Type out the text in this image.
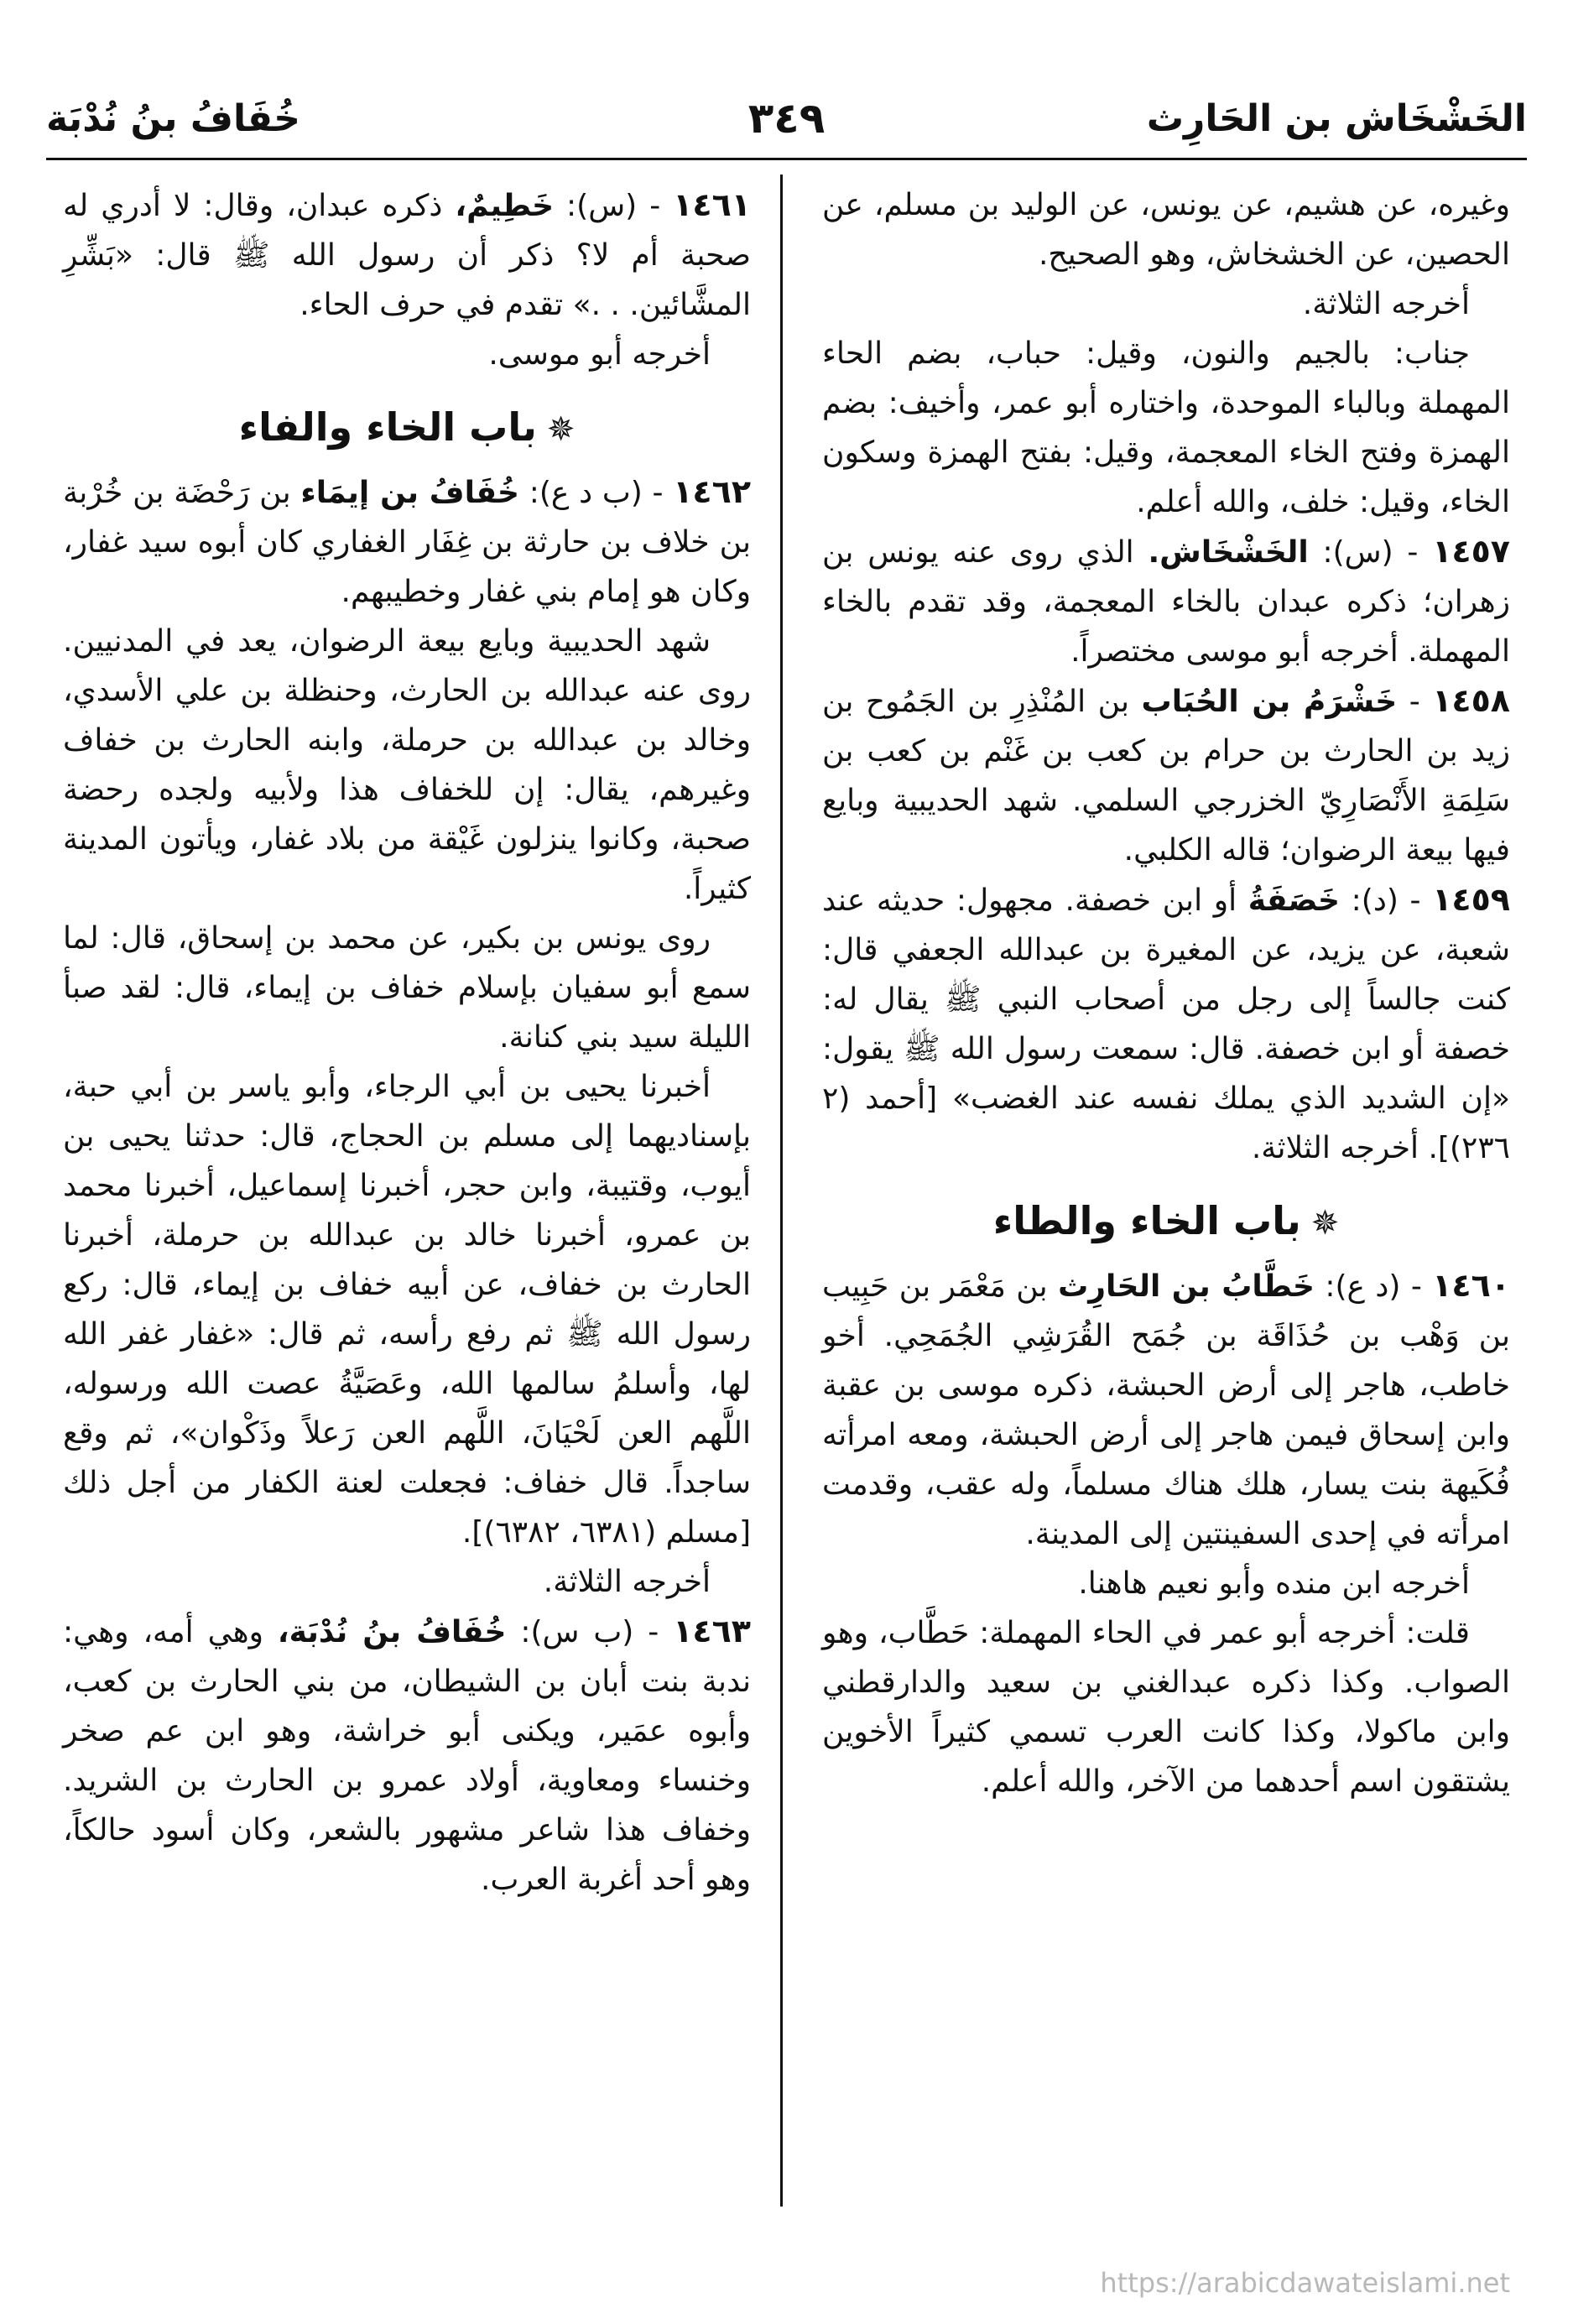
الخَشْخَاش بن الحَارِث
٣٤٩
خُفَافُ بنُ نُدْبَة

وغيره، عن هشيم، عن يونس، عن الوليد بن مسلم، عن الحصين، عن الخشخاش، وهو الصحيح.

أخرجه الثلاثة.

جناب: بالجيم والنون، وقيل: حباب، بضم الحاء المهملة وبالباء الموحدة، واختاره أبو عمر، وأخيف: بضم الهمزة وفتح الخاء المعجمة، وقيل: بفتح الهمزة وسكون الخاء، وقيل: خلف، والله أعلم.

١٤٥٧ - (س): الخَشْخَاش. الذي روى عنه يونس بن زهران؛ ذكره عبدان بالخاء المعجمة، وقد تقدم بالخاء المهملة. أخرجه أبو موسى مختصراً.

١٤٥٨ - خَشْرَمُ بن الحُبَاب بن المُنْذِرِ بن الجَمُوح بن زيد بن الحارث بن حرام بن كعب بن غَنْم بن كعب بن سَلِمَةِ الأَنْصَارِيّ الخزرجي السلمي. شهد الحديبية وبايع فيها بيعة الرضوان؛ قاله الكلبي.

١٤٥٩ - (د): خَصَفَةُ أو ابن خصفة. مجهول: حديثه عند شعبة، عن يزيد، عن المغيرة بن عبدالله الجعفي قال: كنت جالساً إلى رجل من أصحاب النبي ﷺ يقال له: خصفة أو ابن خصفة. قال: سمعت رسول الله ﷺ يقول: «إن الشديد الذي يملك نفسه عند الغضب» [أحمد (٢ ٢٣٦)]. أخرجه الثلاثة.

✵باب الخاء والطاء

١٤٦٠ - (د ع): خَطَّابُ بن الحَارِث بن مَعْمَر بن حَبِيب بن وَهْب بن حُذَاقَة بن جُمَح القُرَشِي الجُمَحِي. أخو خاطب، هاجر إلى أرض الحبشة، ذكره موسى بن عقبة وابن إسحاق فيمن هاجر إلى أرض الحبشة، ومعه امرأته فُكَيهة بنت يسار، هلك هناك مسلماً، وله عقب، وقدمت امرأته في إحدى السفينتين إلى المدينة.

أخرجه ابن منده وأبو نعيم هاهنا.

قلت: أخرجه أبو عمر في الحاء المهملة: حَطَّاب، وهو الصواب. وكذا ذكره عبدالغني بن سعيد والدارقطني وابن ماكولا، وكذا كانت العرب تسمي كثيراً الأخوين يشتقون اسم أحدهما من الآخر، والله أعلم.

١٤٦١ - (س): خَطِيمٌ، ذكره عبدان، وقال: لا أدري له صحبة أم لا؟ ذكر أن رسول الله ﷺ قال: «بَشِّرِ المشَّائين. . .» تقدم في حرف الحاء.

أخرجه أبو موسى.

✵باب الخاء والفاء

١٤٦٢ - (ب د ع): خُفَافُ بن إيمَاء بن رَحْضَة بن خُرْبة بن خلاف بن حارثة بن غِفَار الغفاري كان أبوه سيد غفار، وكان هو إمام بني غفار وخطيبهم.

شهد الحديبية وبايع بيعة الرضوان، يعد في المدنيين. روى عنه عبدالله بن الحارث، وحنظلة بن علي الأسدي، وخالد بن عبدالله بن حرملة، وابنه الحارث بن خفاف وغيرهم، يقال: إن للخفاف هذا ولأبيه ولجده رحضة صحبة، وكانوا ينزلون غَيْقة من بلاد غفار، ويأتون المدينة كثيراً.

روى يونس بن بكير، عن محمد بن إسحاق، قال: لما سمع أبو سفيان بإسلام خفاف بن إيماء، قال: لقد صبأ الليلة سيد بني كنانة.

أخبرنا يحيى بن أبي الرجاء، وأبو ياسر بن أبي حبة، بإسناديهما إلى مسلم بن الحجاج، قال: حدثنا يحيى بن أيوب، وقتيبة، وابن حجر، أخبرنا إسماعيل، أخبرنا محمد بن عمرو، أخبرنا خالد بن عبدالله بن حرملة، أخبرنا الحارث بن خفاف، عن أبيه خفاف بن إيماء، قال: ركع رسول الله ﷺ ثم رفع رأسه، ثم قال: «غفار غفر الله لها، وأسلمُ سالمها الله، وعَصَيَّةُ عصت الله ورسوله، اللَّهم العن لَحْيَانَ، اللَّهم العن رَعلاً وذَكْوان»، ثم وقع ساجداً. قال خفاف: فجعلت لعنة الكفار من أجل ذلك [مسلم (٦٣٨١، ٦٣٨٢)].

أخرجه الثلاثة.

١٤٦٣ - (ب س): خُفَافُ بنُ نُدْبَة، وهي أمه، وهي: ندبة بنت أبان بن الشيطان، من بني الحارث بن كعب، وأبوه عمَير، ويكنى أبو خراشة، وهو ابن عم صخر وخنساء ومعاوية، أولاد عمرو بن الحارث بن الشريد. وخفاف هذا شاعر مشهور بالشعر، وكان أسود حالكاً، وهو أحد أغربة العرب.

https://arabicdawateislami.net
